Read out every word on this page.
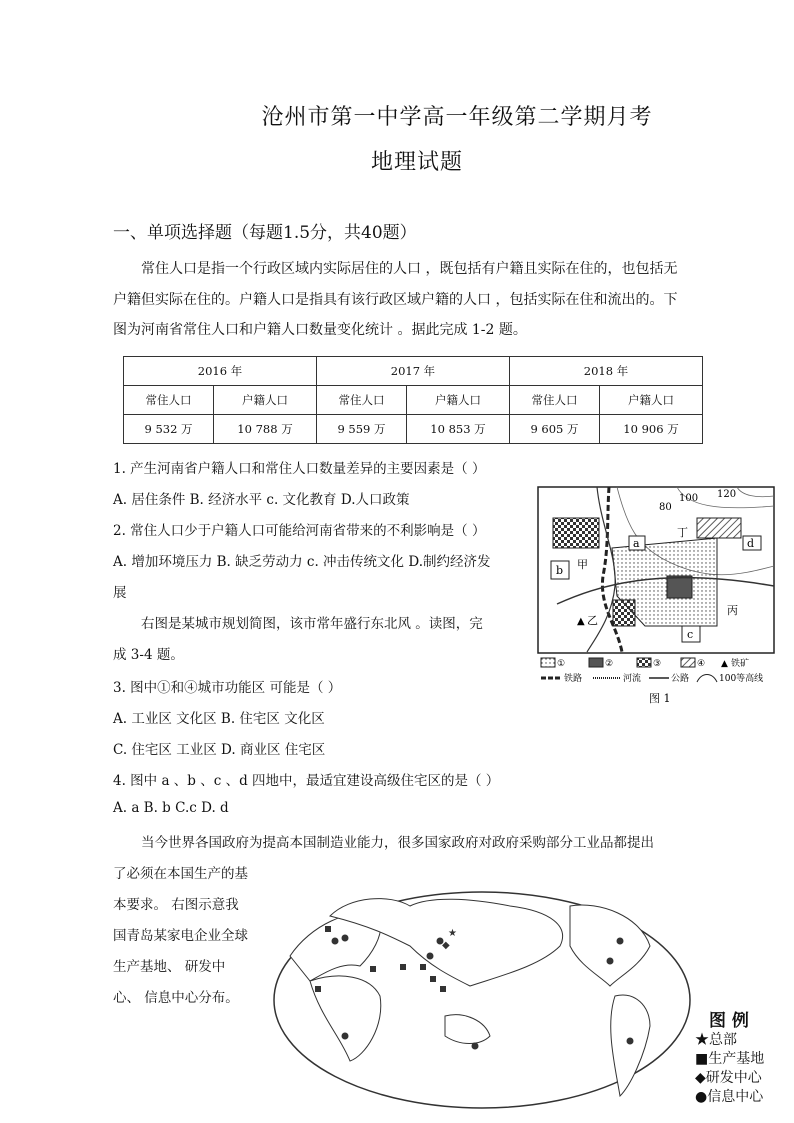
沧州市第一中学高一年级第二学期月考
地理试题
一、单项选择题（每题1.5分，共40题）
常住人口是指一个行政区域内实际居住的人口 ，既包括有户籍且实际在住的，也包括无
户籍但实际在住的。户籍人口是指具有该行政区域户籍的人口 ，包括实际在住和流出的。下
图为河南省常住人口和户籍人口数量变化统计 。据此完成 1-2 题。
2016 年		2017 年		2018 年	
常住人口	户籍人口	常住人口	户籍人口	常住人口	户籍人口
9 532 万	10 788 万	9 559 万	10 853 万	9 605 万	10 906 万
1. 产生河南省户籍人口和常住人口数量差异的主要因素是（ ）
A. 居住条件 B. 经济水平 c. 文化教育 D.人口政策
2. 常住人口少于户籍人口可能给河南省带来的不利影响是（ ）
A. 增加环境压力 B. 缺乏劳动力 c. 冲击传统文化 D.制约经济发
展
右图是某城市规划简图，该市常年盛行东北风 。读图，完
成 3-4 题。
3. 图中①和④城市功能区 可能是（ ）
A. 工业区 文化区 B. 住宅区 文化区
C. 住宅区 工业区 D. 商业区 住宅区
4. 图中 a 、b 、c 、d 四地中，最适宜建设高级住宅区的是（ ）
A. a B. b C.c D. d
当今世界各国政府为提高本国制造业能力，很多国家政府对政府采购部分工业品都提出
了必须在本国生产的基
本要求。 右图示意我
国青岛某家电企业全球
生产基地、 研发中
心、 信息中心分布。
100 120
80
a
b
c
d
甲
乙
▲
丙
丁
①	②	③	④ ▲ 铁矿
铁路	河流	公路	100等高线
图 1
◆
★
图 例
★总部
■生产基地
◆研发中心
●信息中心
